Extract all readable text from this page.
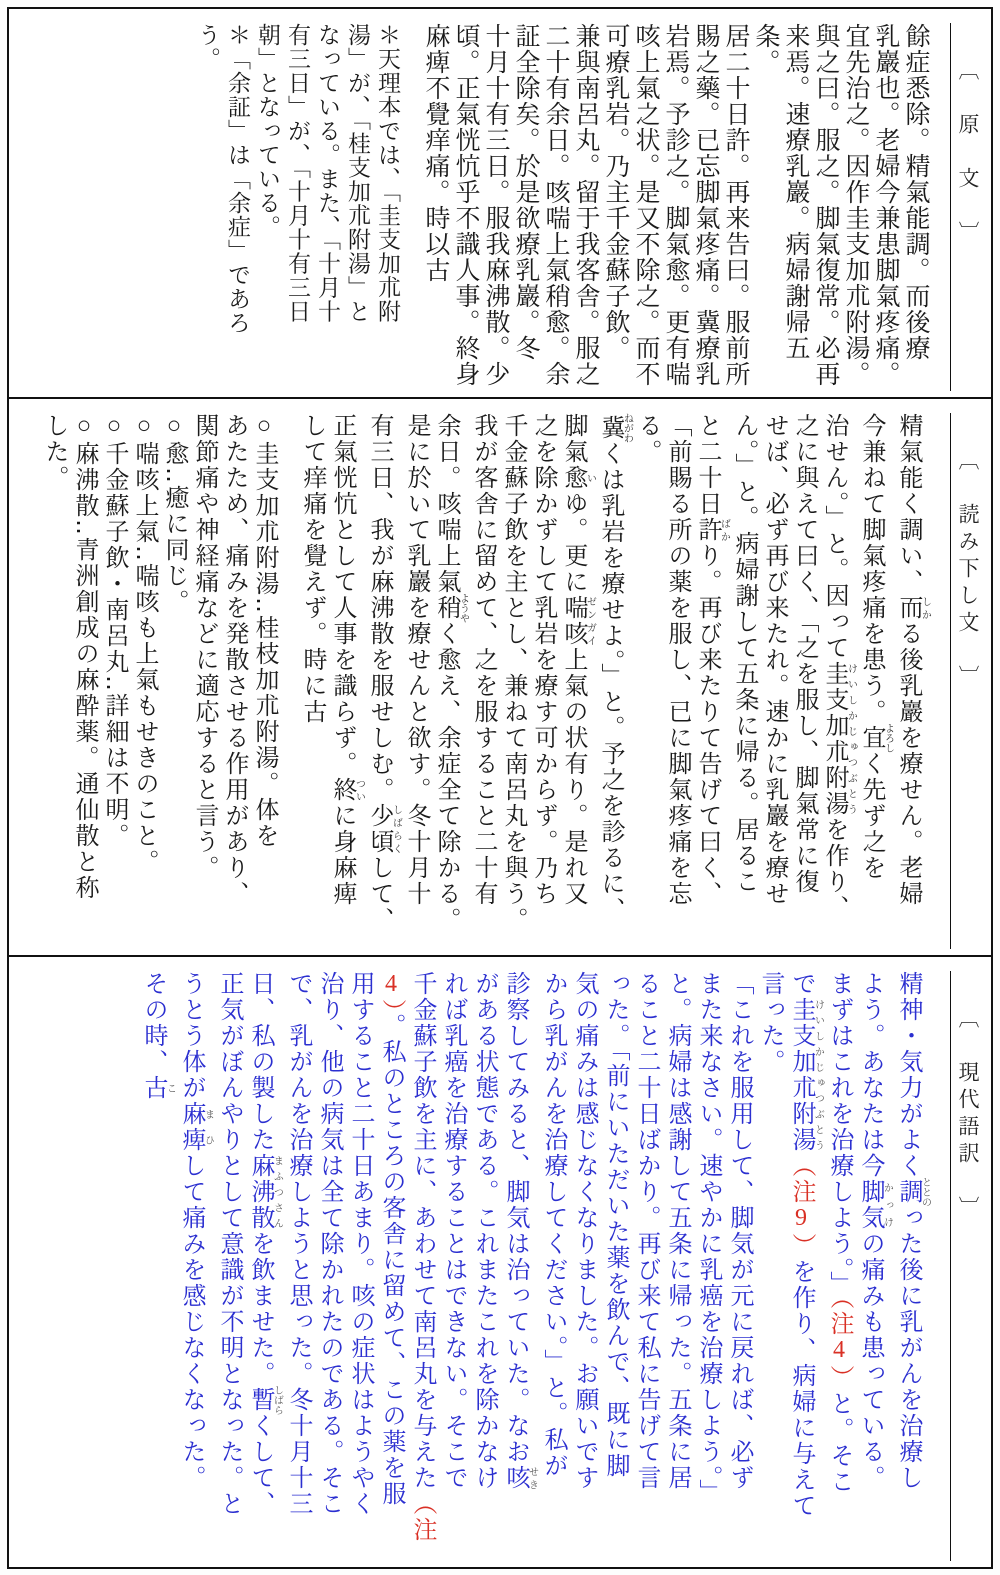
〔　原　文　〕
餘症悉除。精氣能調。而後療
乳巖也。老婦今兼患脚氣疼痛。
宜先治之。因作圭支加朮附湯。
與之曰。服之。脚氣復常。必再
来焉。速療乳巖。病婦謝帰五条。
居二十日許。再来告曰。服前所
賜之藥。已忘脚氣疼痛。冀療乳
岩焉。予診之。脚氣愈。更有喘
咳上氣之状。是又不除之。而不
可療乳岩。乃主千金蘇子飲。
兼與南呂丸。留于我客舎。服之
二十有余日。咳喘上氣稍愈。余
証全除矣。於是欲療乳巖。冬
十月十有三日。服我麻沸散。少
頃。正氣恍忼乎不識人事。終身
麻痺不覺痒痛。時以古
＊天理本では、「圭支加朮附
湯」が、「桂支加朮附湯」と
なっている。また、「十月十
有三日」が、「十月十有三日
朝」となっている。
＊「余証」は「余症」であろ
う。
〔　読み下し文　〕
精氣能く調い、而しかる後乳巖を療せん。老婦
今兼ねて脚氣疼痛を患う。宜よろしく先ず之を
治せん。」と。因って圭支加朮附湯けいしかじゅつぶとうを作り、
之に與えて曰く、「之を服し、脚氣常に復
せば、必ず再び来たれ。速かに乳巖を療せ
ん。」と。病婦謝して五条に帰る。居るこ
と二十日許ばかり。再び来たりて告げて曰く、
「前賜る所の薬を服し、已に脚氣疼痛を忘る。
冀ねがわくは乳岩を療せよ。」と。予之を診るに、
脚氣愈いゆ。更に喘咳ゼンガイ上氣の状有り。是れ又
之を除かずして乳岩を療す可からず。乃ち
千金蘇子飲を主とし、兼ねて南呂丸を與う。
我が客舎に留めて、之を服すること二十有
余日。咳喘上氣稍ようやく愈え、余症全て除かる。
是に於いて乳巖を療せんと欲す。冬十月十
有三日、我が麻沸散を服せしむ。少頃しばらくして、
正氣恍忼として人事を識らず。終ついに身麻痺
して痒痛を覺えず。時に古
○圭支加朮附湯‥桂枝加朮附湯。体を
あたため、痛みを発散させる作用があり、
関節痛や神経痛などに適応すると言う。
○愈‥癒に同じ。
○喘咳上氣‥喘咳も上氣もせきのこと。
○千金蘇子飲・南呂丸‥詳細は不明。
○麻沸散‥青洲創成の麻酔薬。通仙散と称
した。
〔　現代語訳　〕
精神・気力がよく調ととのった後に乳がんを治療し
よう。あなたは今脚気かっけの痛みも患っている。
まずはこれを治療しよう。」（注4）と。そこ
で圭支加朮附湯けいしかじゅつぶとう（注9）を作り、病婦に与えて
言った。
「これを服用して、脚気が元に戻れば、必ず
また来なさい。速やかに乳癌を治療しよう。」
と。病婦は感謝して五条に帰った。五条に居
ること二十日ばかり。再び来て私に告げて言
った。「前にいただいた薬を飲んで、既に脚
気の痛みは感じなくなりました。お願いです
から乳がんを治療してください。」と。私が
診察してみると、脚気は治っていた。なお咳せき
がある状態である。これまたこれを除かなけ
れば乳癌を治療することはできない。そこで
千金蘇子飲を主に、あわせて南呂丸を与えた（注
4）。私のところの客舎に留めて、この薬を服
用すること二十日あまり。咳の症状はようやく
治り、他の病気は全て除かれたのである。そこ
で、乳がんを治療しようと思った。冬十月十三
日、私の製した麻沸散まふつさんを飲ませた。暫しばらくして、
正気がぼんやりとして意識が不明となった。と
うとう体が麻痺まひして痛みを感じなくなった。
その時、古こ
